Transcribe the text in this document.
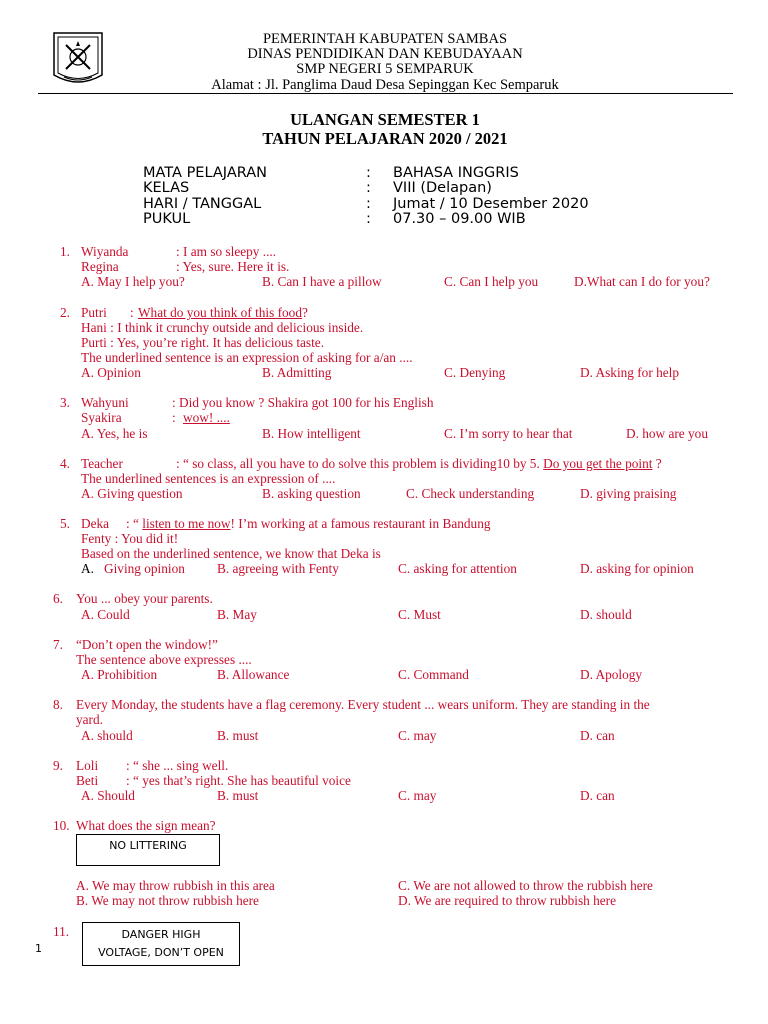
PEMERINTAH KABUPATEN SAMBAS
DINAS PENDIDIKAN DAN KEBUDAYAAN
SMP NEGERI 5 SEMPARUK
Alamat : Jl. Panglima Daud Desa Sepinggan Kec Semparuk
ULANGAN SEMESTER 1
TAHUN PELAJARAN 2020 / 2021
MATA PELAJARAN	: BAHASA INGGRIS
KELAS	: VIII (Delapan)
HARI / TANGGAL	: Jumat / 10 Desember 2020
PUKUL	: 07.30 – 09.00 WIB
1. Wiyanda	: I am so sleepy ....
Regina	: Yes, sure. Here it is.
A. May I help you?	B. Can I have a pillow	C. Can I help you	D.What can I do for you?
2. Putri : What do you think of this food?
Hani : I think it crunchy outside and delicious inside.
Purti : Yes, you’re right. It has delicious taste.
The underlined sentence is an expression of asking for a/an ....
A. Opinion	B. Admitting	C. Denying	D. Asking for help
3. Wahyuni	: Did you know ? Shakira got 100 for his English
Syakira	: wow! ....
A. Yes, he is	B. How intelligent	C. I’m sorry to hear that	D. how are you
4. Teacher	: “ so class, all you have to do solve this problem is dividing10 by 5. Do you get the point ?
The underlined sentences is an expression of ....
A. Giving question	B. asking question	C. Check understanding	D. giving praising
5. Deka : “ listen to me now! I’m working at a famous restaurant in Bandung
Fenty : You did it!
Based on the underlined sentence, we know that Deka is
A. Giving opinion B. agreeing with Fenty	C. asking for attention	D. asking for opinion
6. You ... obey your parents.
A. Could	B. May	C. Must	D. should
7. “Don’t open the window!”
The sentence above expresses ....
A. Prohibition	B. Allowance	C. Command	D. Apology
8. Every Monday, the students have a flag ceremony. Every student ... wears uniform. They are standing in the
yard.
A. should	B. must	C. may	D. can
9. Loli : “ she ... sing well.
Beti : “ yes that’s right. She has beautiful voice
A. Should	B. must	C. may	D. can
10. What does the sign mean?
NO LITTERING
A. We may throw rubbish in this area
B. We may not throw rubbish here
C. We are not allowed to throw the rubbish here
D. We are required to throw rubbish here
11.	DANGER HIGH
VOLTAGE, DON’T OPEN
1
